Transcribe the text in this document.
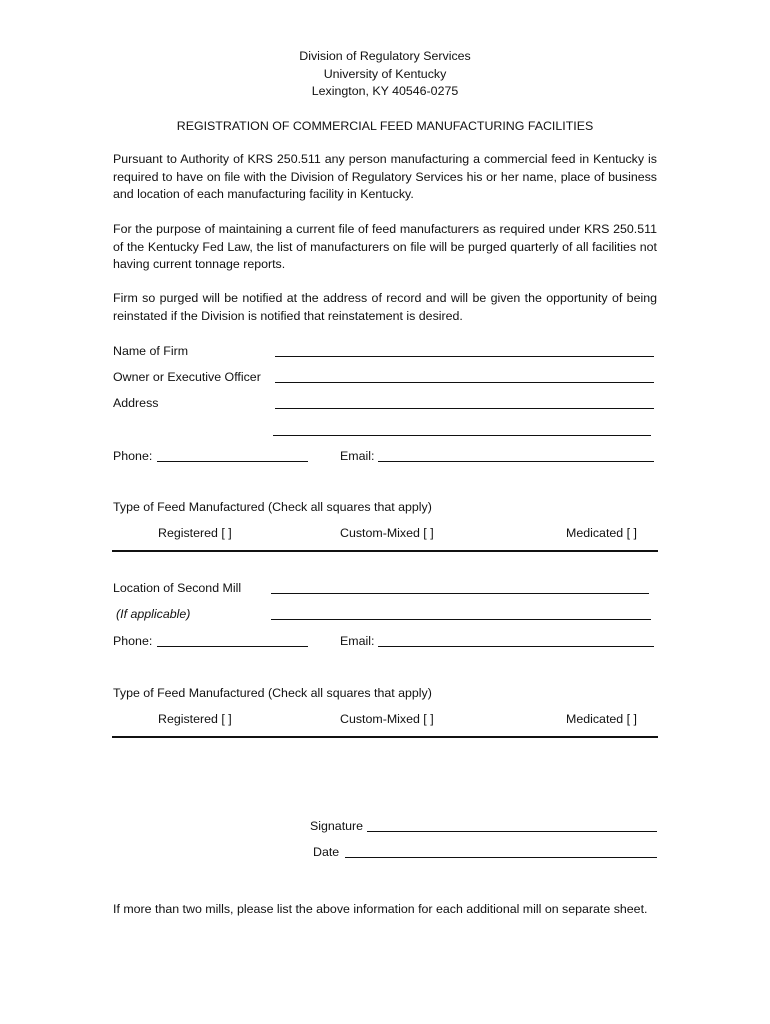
Division of Regulatory Services
University of Kentucky
Lexington, KY 40546-0275
REGISTRATION OF COMMERCIAL FEED MANUFACTURING FACILITIES
Pursuant to Authority of KRS 250.511 any person manufacturing a commercial feed in Kentucky is required to have on file with the Division of Regulatory Services his or her name, place of business and location of each manufacturing facility in Kentucky.
For the purpose of maintaining a current file of feed manufacturers as required under KRS 250.511 of the Kentucky Fed Law, the list of manufacturers on file will be purged quarterly of all facilities not having current tonnage reports.
Firm so purged will be notified at the address of record and will be given the opportunity of being reinstated if the Division is notified that reinstatement is desired.
Name of Firm
Owner or Executive Officer
Address
Phone:	Email:
Type of Feed Manufactured (Check all squares that apply)
Registered [ ]	Custom-Mixed [ ]	Medicated [ ]
Location of Second Mill
(If applicable)
Phone:	Email:
Type of Feed Manufactured (Check all squares that apply)
Registered [ ]	Custom-Mixed [ ]	Medicated [ ]
Signature
Date
If more than two mills, please list the above information for each additional mill on separate sheet.
